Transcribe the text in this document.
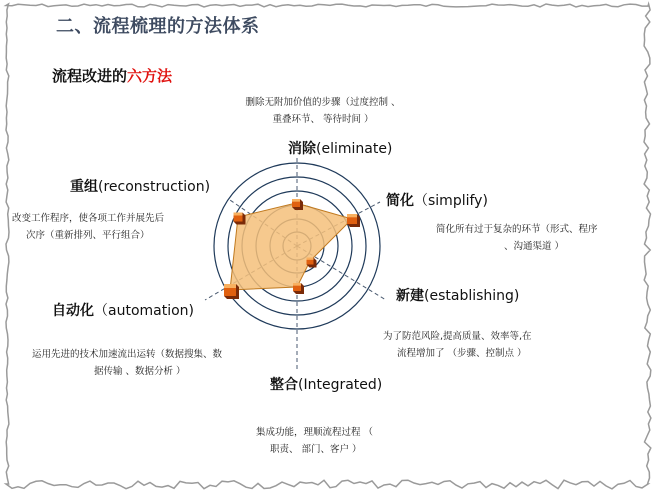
二、流程梳理的方法体系
流程改进的六方法
删除无附加价值的步骤（过度控制 、
重叠环节、 等待时间 ）
消除(eliminate)
重组(reconstruction)
改变工作程序，使各项工作并展先后
次序（重新排列、平行组合）
简化（simplify)
简化所有过于复杂的环节（形式、程序
、沟通渠道 ）
新建(establishing)
为了防范风险,提高质量、效率等,在
流程增加了 （步骤、控制点 ）
自动化（automation)
运用先进的技术加速流出运转（数据搜集、数
据传输 、数据分析 ）
整合(Integrated)
集成功能，理顺流程过程 （
职责、 部门、客户 ）
